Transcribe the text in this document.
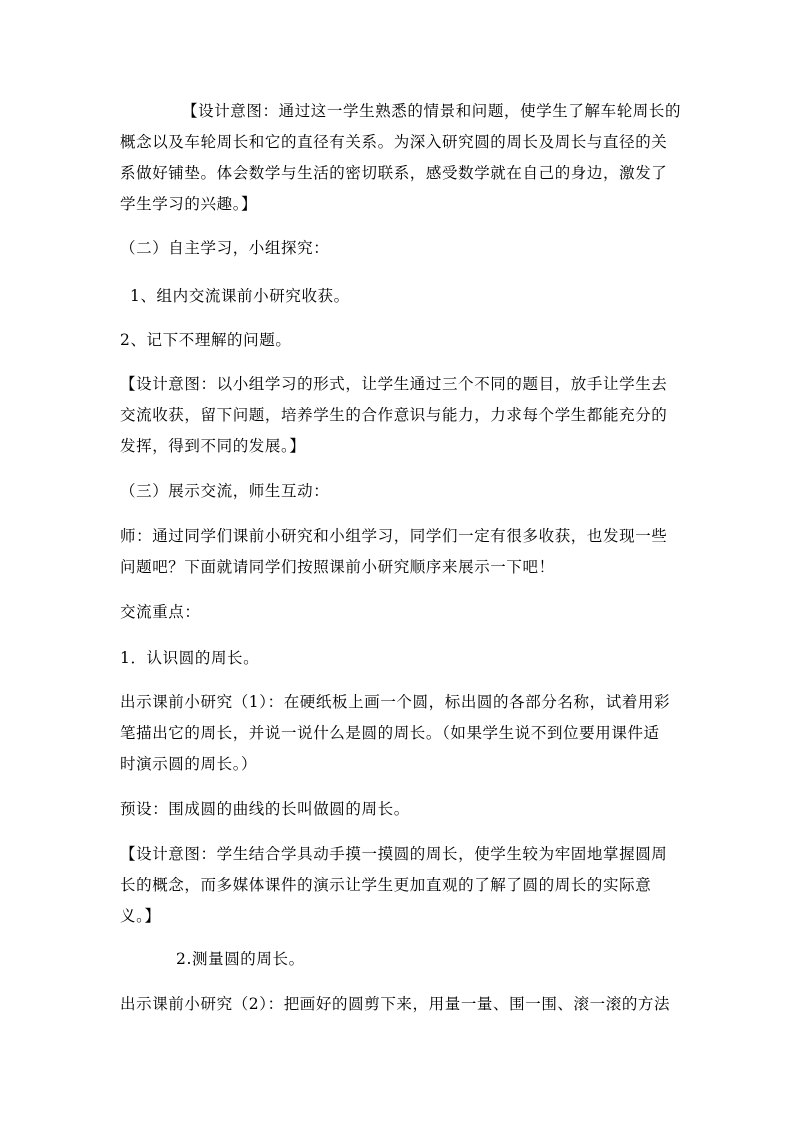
【设计意图：通过这一学生熟悉的情景和问题，使学生了解车轮周长的
概念以及车轮周长和它的直径有关系。为深入研究圆的周长及周长与直径的关
系做好铺垫。体会数学与生活的密切联系，感受数学就在自己的身边，激发了
学生学习的兴趣。】
（二）自主学习，小组探究：
1、组内交流课前小研究收获。
2、记下不理解的问题。
【设计意图：以小组学习的形式，让学生通过三个不同的题目，放手让学生去
交流收获，留下问题，培养学生的合作意识与能力，力求每个学生都能充分的
发挥，得到不同的发展。】
（三）展示交流，师生互动：
师：通过同学们课前小研究和小组学习，同学们一定有很多收获，也发现一些
问题吧？下面就请同学们按照课前小研究顺序来展示一下吧！
交流重点：
1．认识圆的周长。
出示课前小研究（1）：在硬纸板上画一个圆，标出圆的各部分名称，试着用彩
笔描出它的周长，并说一说什么是圆的周长。（如果学生说不到位要用课件适
时演示圆的周长。）
预设：围成圆的曲线的长叫做圆的周长。
【设计意图：学生结合学具动手摸一摸圆的周长，使学生较为牢固地掌握圆周
长的概念，而多媒体课件的演示让学生更加直观的了解了圆的周长的实际意
义。】
2.测量圆的周长。
出示课前小研究（2）：把画好的圆剪下来，用量一量、围一围、滚一滚的方法
